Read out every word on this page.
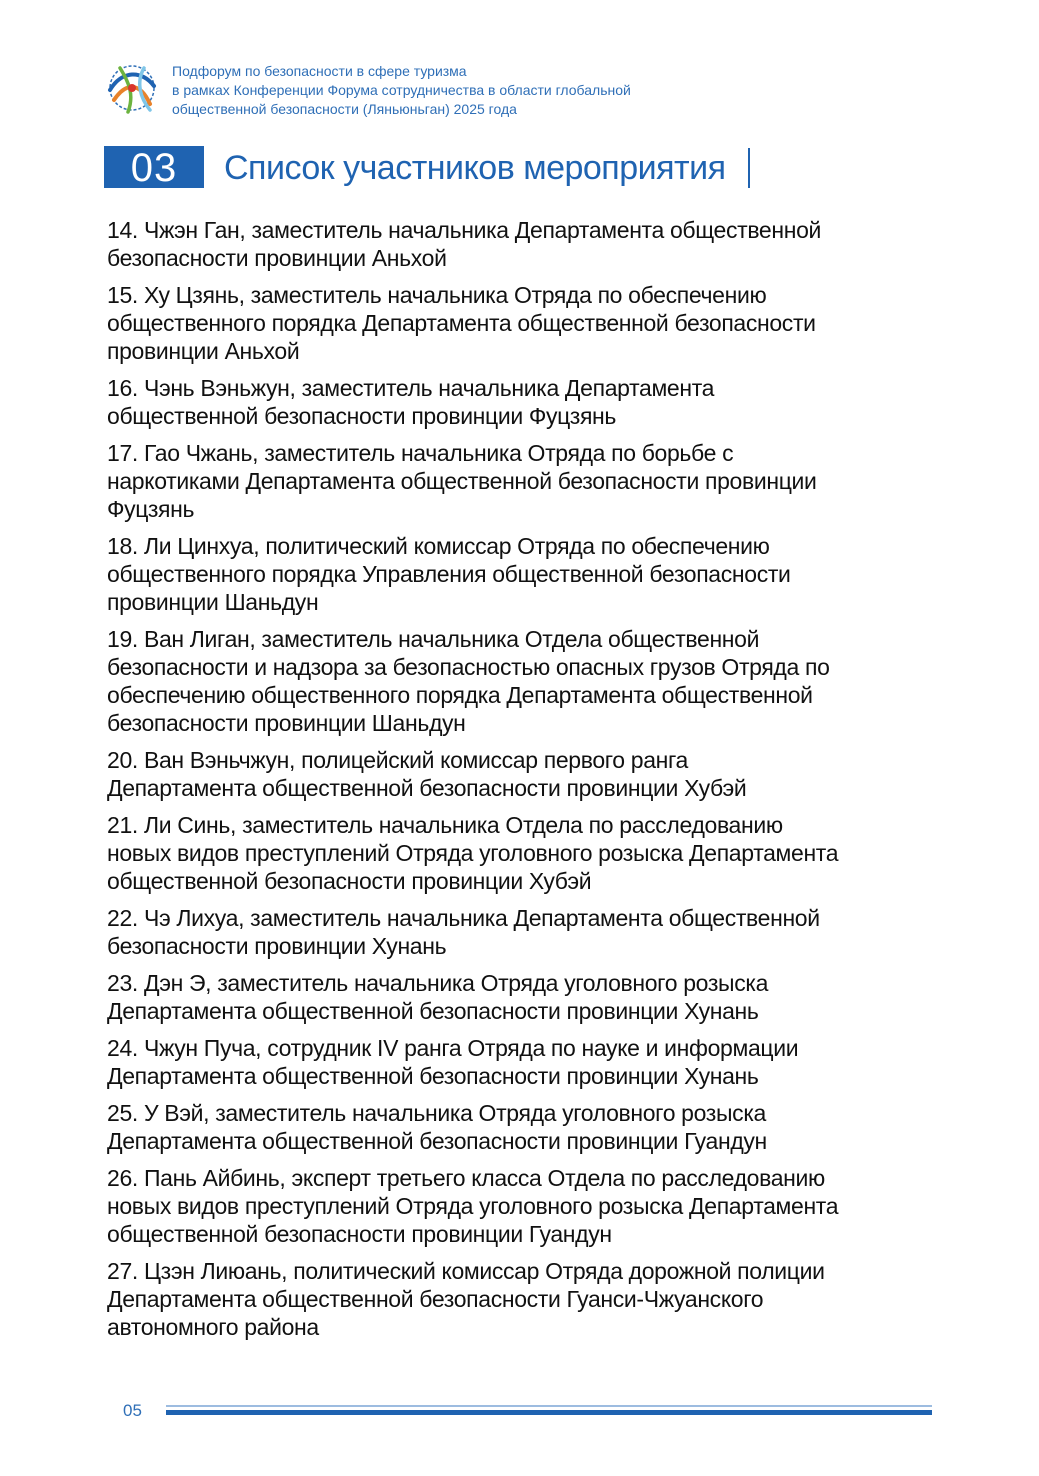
Подфорум по безопасности в сфере туризма
в рамках Конференции Форума сотрудничества в области глобальной
общественной безопасности (Ляньюньган) 2025 года
03	Список участников мероприятия
14. Чжэн Ган, заместитель начальника Департамента общественной
безопасности провинции Аньхой
15. Ху Цзянь, заместитель начальника Отряда по обеспечению
общественного порядка Департамента общественной безопасности
провинции Аньхой
16. Чэнь Вэньжун, заместитель начальника Департамента
общественной безопасности провинции Фуцзянь
17. Гао Чжань, заместитель начальника Отряда по борьбе с
наркотиками Департамента общественной безопасности провинции
Фуцзянь
18. Ли Цинхуа, политический комиссар Отряда по обеспечению
общественного порядка Управления общественной безопасности
провинции Шаньдун
19. Ван Лиган, заместитель начальника Отдела общественной
безопасности и надзора за безопасностью опасных грузов Отряда по
обеспечению общественного порядка Департамента общественной
безопасности провинции Шаньдун
20. Ван Вэньчжун, полицейский комиссар первого ранга
Департамента общественной безопасности провинции Хубэй
21. Ли Синь, заместитель начальника Отдела по расследованию
новых видов преступлений Отряда уголовного розыска Департамента
общественной безопасности провинции Хубэй
22. Чэ Лихуа, заместитель начальника Департамента общественной
безопасности провинции Хунань
23. Дэн Э, заместитель начальника Отряда уголовного розыска
Департамента общественной безопасности провинции Хунань
24. Чжун Пуча, сотрудник IV ранга Отряда по науке и информации
Департамента общественной безопасности провинции Хунань
25. У Вэй, заместитель начальника Отряда уголовного розыска
Департамента общественной безопасности провинции Гуандун
26. Пань Айбинь, эксперт третьего класса Отдела по расследованию
новых видов преступлений Отряда уголовного розыска Департамента
общественной безопасности провинции Гуандун
27. Цзэн Лиюань, политический комиссар Отряда дорожной полиции
Департамента общественной безопасности Гуанси-Чжуанского
автономного района
05
